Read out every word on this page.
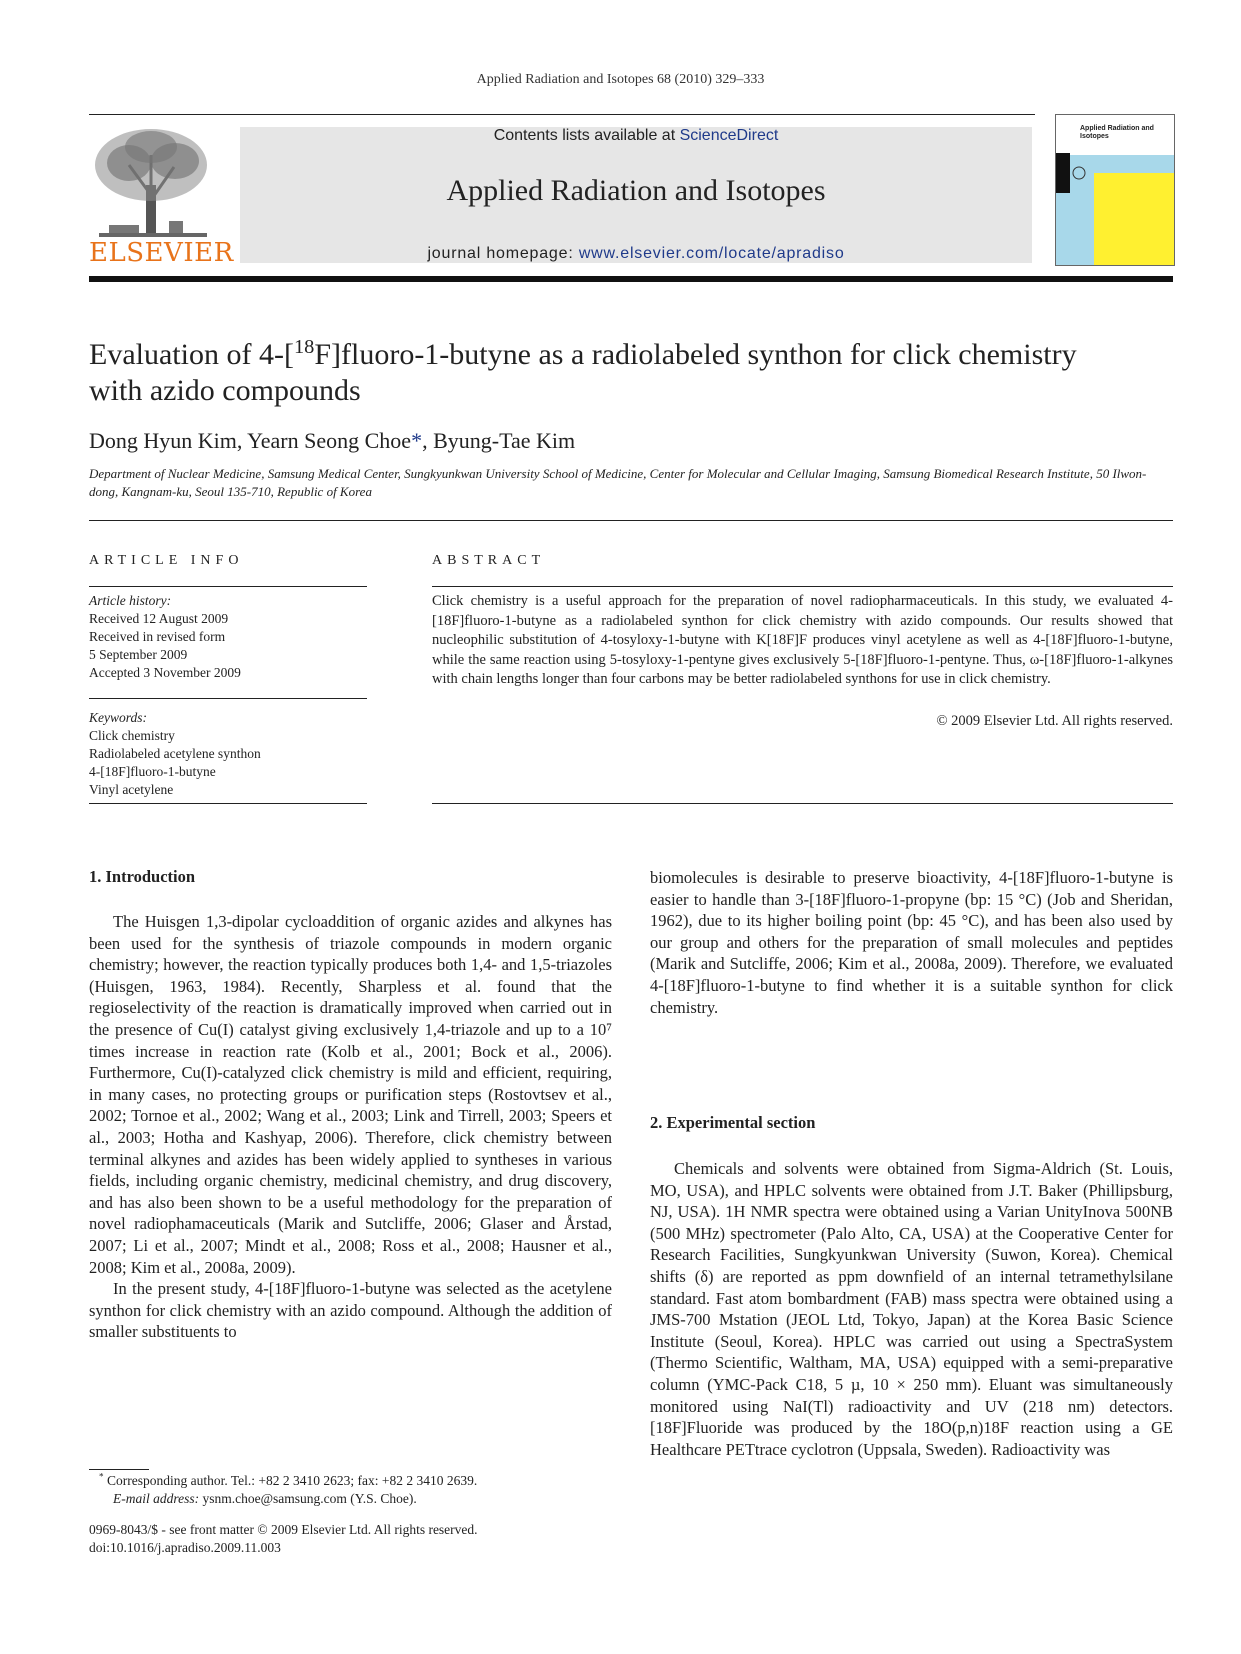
Applied Radiation and Isotopes 68 (2010) 329–333
ELSEVIER
Contents lists available at ScienceDirect
Applied Radiation and Isotopes
journal homepage: www.elsevier.com/locate/apradiso
Applied Radiation and Isotopes
Evaluation of 4-[$^{18}$F]fluoro-1-butyne as a radiolabeled synthon for click chemistry with azido compounds
Dong Hyun Kim, Yearn Seong Choe*, Byung-Tae Kim
Department of Nuclear Medicine, Samsung Medical Center, Sungkyunkwan University School of Medicine, Center for Molecular and Cellular Imaging, Samsung Biomedical Research Institute, 50 Ilwon-dong, Kangnam-ku, Seoul 135-710, Republic of Korea
ARTICLE INFO	ABSTRACT
Article history:
Received 12 August 2009
Received in revised form
5 September 2009
Accepted 3 November 2009
Keywords:
Click chemistry
Radiolabeled acetylene synthon
4-[18F]fluoro-1-butyne
Vinyl acetylene
Click chemistry is a useful approach for the preparation of novel radiopharmaceuticals. In this study, we evaluated 4-[18F]fluoro-1-butyne as a radiolabeled synthon for click chemistry with azido compounds. Our results showed that nucleophilic substitution of 4-tosyloxy-1-butyne with K[18F]F produces vinyl acetylene as well as 4-[18F]fluoro-1-butyne, while the same reaction using 5-tosyloxy-1-pentyne gives exclusively 5-[18F]fluoro-1-pentyne. Thus, ω-[18F]fluoro-1-alkynes with chain lengths longer than four carbons may be better radiolabeled synthons for use in click chemistry.
© 2009 Elsevier Ltd. All rights reserved.
1. Introduction

The Huisgen 1,3-dipolar cycloaddition of organic azides and alkynes has been used for the synthesis of triazole compounds in modern organic chemistry; however, the reaction typically produces both 1,4- and 1,5-triazoles (Huisgen, 1963, 1984). Recently, Sharpless et al. found that the regioselectivity of the reaction is dramatically improved when carried out in the presence of Cu(I) catalyst giving exclusively 1,4-triazole and up to a 10⁷ times increase in reaction rate (Kolb et al., 2001; Bock et al., 2006). Furthermore, Cu(I)-catalyzed click chemistry is mild and efficient, requiring, in many cases, no protecting groups or purification steps (Rostovtsev et al., 2002; Tornoe et al., 2002; Wang et al., 2003; Link and Tirrell, 2003; Speers et al., 2003; Hotha and Kashyap, 2006). Therefore, click chemistry between terminal alkynes and azides has been widely applied to syntheses in various fields, including organic chemistry, medicinal chemistry, and drug discovery, and has also been shown to be a useful methodology for the preparation of novel radiophamaceuticals (Marik and Sutcliffe, 2006; Glaser and Årstad, 2007; Li et al., 2007; Mindt et al., 2008; Ross et al., 2008; Hausner et al., 2008; Kim et al., 2008a, 2009).

In the present study, 4-[18F]fluoro-1-butyne was selected as the acetylene synthon for click chemistry with an azido compound. Although the addition of smaller substituents to

biomolecules is desirable to preserve bioactivity, 4-[18F]fluoro-1-butyne is easier to handle than 3-[18F]fluoro-1-propyne (bp: 15 °C) (Job and Sheridan, 1962), due to its higher boiling point (bp: 45 °C), and has been also used by our group and others for the preparation of small molecules and peptides (Marik and Sutcliffe, 2006; Kim et al., 2008a, 2009). Therefore, we evaluated 4-[18F]fluoro-1-butyne to find whether it is a suitable synthon for click chemistry.

2. Experimental section

Chemicals and solvents were obtained from Sigma-Aldrich (St. Louis, MO, USA), and HPLC solvents were obtained from J.T. Baker (Phillipsburg, NJ, USA). 1H NMR spectra were obtained using a Varian UnityInova 500NB (500 MHz) spectrometer (Palo Alto, CA, USA) at the Cooperative Center for Research Facilities, Sungkyunkwan University (Suwon, Korea). Chemical shifts (δ) are reported as ppm downfield of an internal tetramethylsilane standard. Fast atom bombardment (FAB) mass spectra were obtained using a JMS-700 Mstation (JEOL Ltd, Tokyo, Japan) at the Korea Basic Science Institute (Seoul, Korea). HPLC was carried out using a SpectraSystem (Thermo Scientific, Waltham, MA, USA) equipped with a semi-preparative column (YMC-Pack C18, 5 µ, 10 × 250 mm). Eluant was simultaneously monitored using NaI(Tl) radioactivity and UV (218 nm) detectors. [18F]Fluoride was produced by the 18O(p,n)18F reaction using a GE Healthcare PETtrace cyclotron (Uppsala, Sweden). Radioactivity was

* Corresponding author. Tel.: +82 2 3410 2623; fax: +82 2 3410 2639.
E-mail address: ysnm.choe@samsung.com (Y.S. Choe).
0969-8043/$ - see front matter © 2009 Elsevier Ltd. All rights reserved.
doi:10.1016/j.apradiso.2009.11.003
